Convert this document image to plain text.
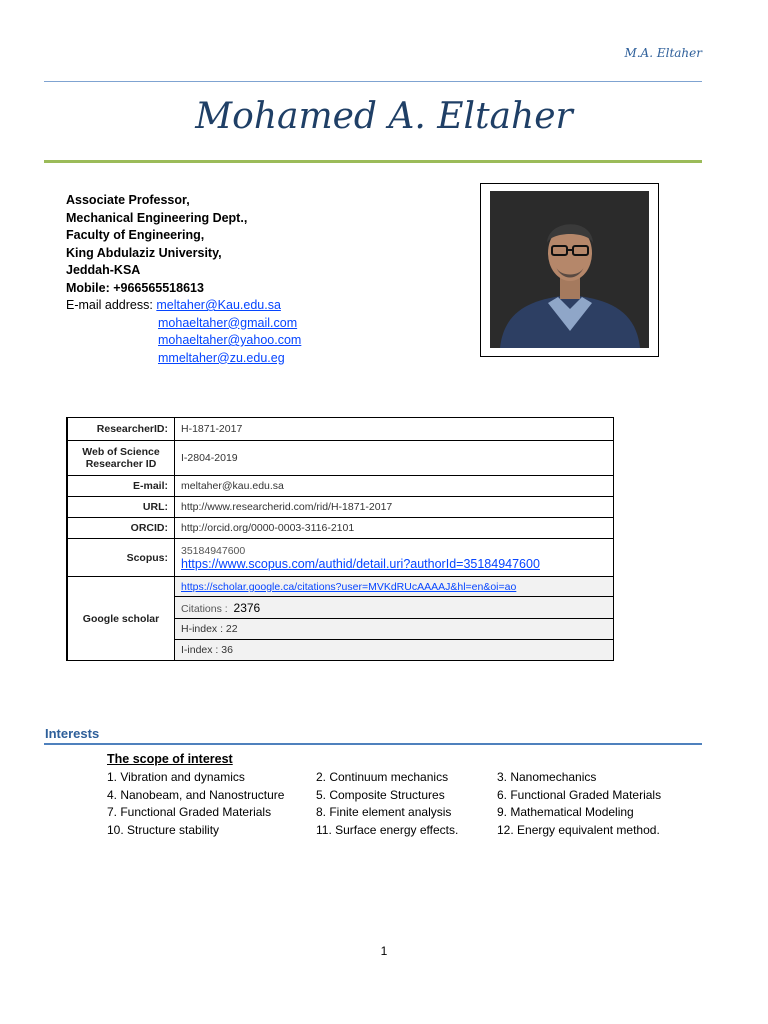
M.A. Eltaher
Mohamed A. Eltaher
Associate Professor,
Mechanical Engineering Dept.,
Faculty of Engineering,
King Abdulaziz University,
Jeddah-KSA
Mobile: +966565518613
E-mail address: meltaher@Kau.edu.sa
mohaeltaher@gmail.com
mohaeltaher@yahoo.com
mmeltaher@zu.edu.eg
ResearcherID:	H-1871-2017
Web of Science Researcher ID	I-2804-2019
E-mail:	meltaher@kau.edu.sa
URL:	http://www.researcherid.com/rid/H-1871-2017
ORCID:	http://orcid.org/0000-0003-3116-2101
Scopus:	35184947600
https://www.scopus.com/authid/detail.uri?authorId=35184947600
Google scholar	https://scholar.google.ca/citations?user=MVKdRUcAAAAJ&hl=en&oi=ao
	Citations : 2376
	H-index : 22
	I-index : 36
Interests
The scope of interest
1. Vibration and dynamics	2. Continuum mechanics	3. Nanomechanics
4. Nanobeam, and Nanostructure	5. Composite Structures	6. Functional Graded Materials
7. Functional Graded Materials	8. Finite element analysis	9. Mathematical Modeling
10. Structure stability	11. Surface energy effects.	12. Energy equivalent method.
1
